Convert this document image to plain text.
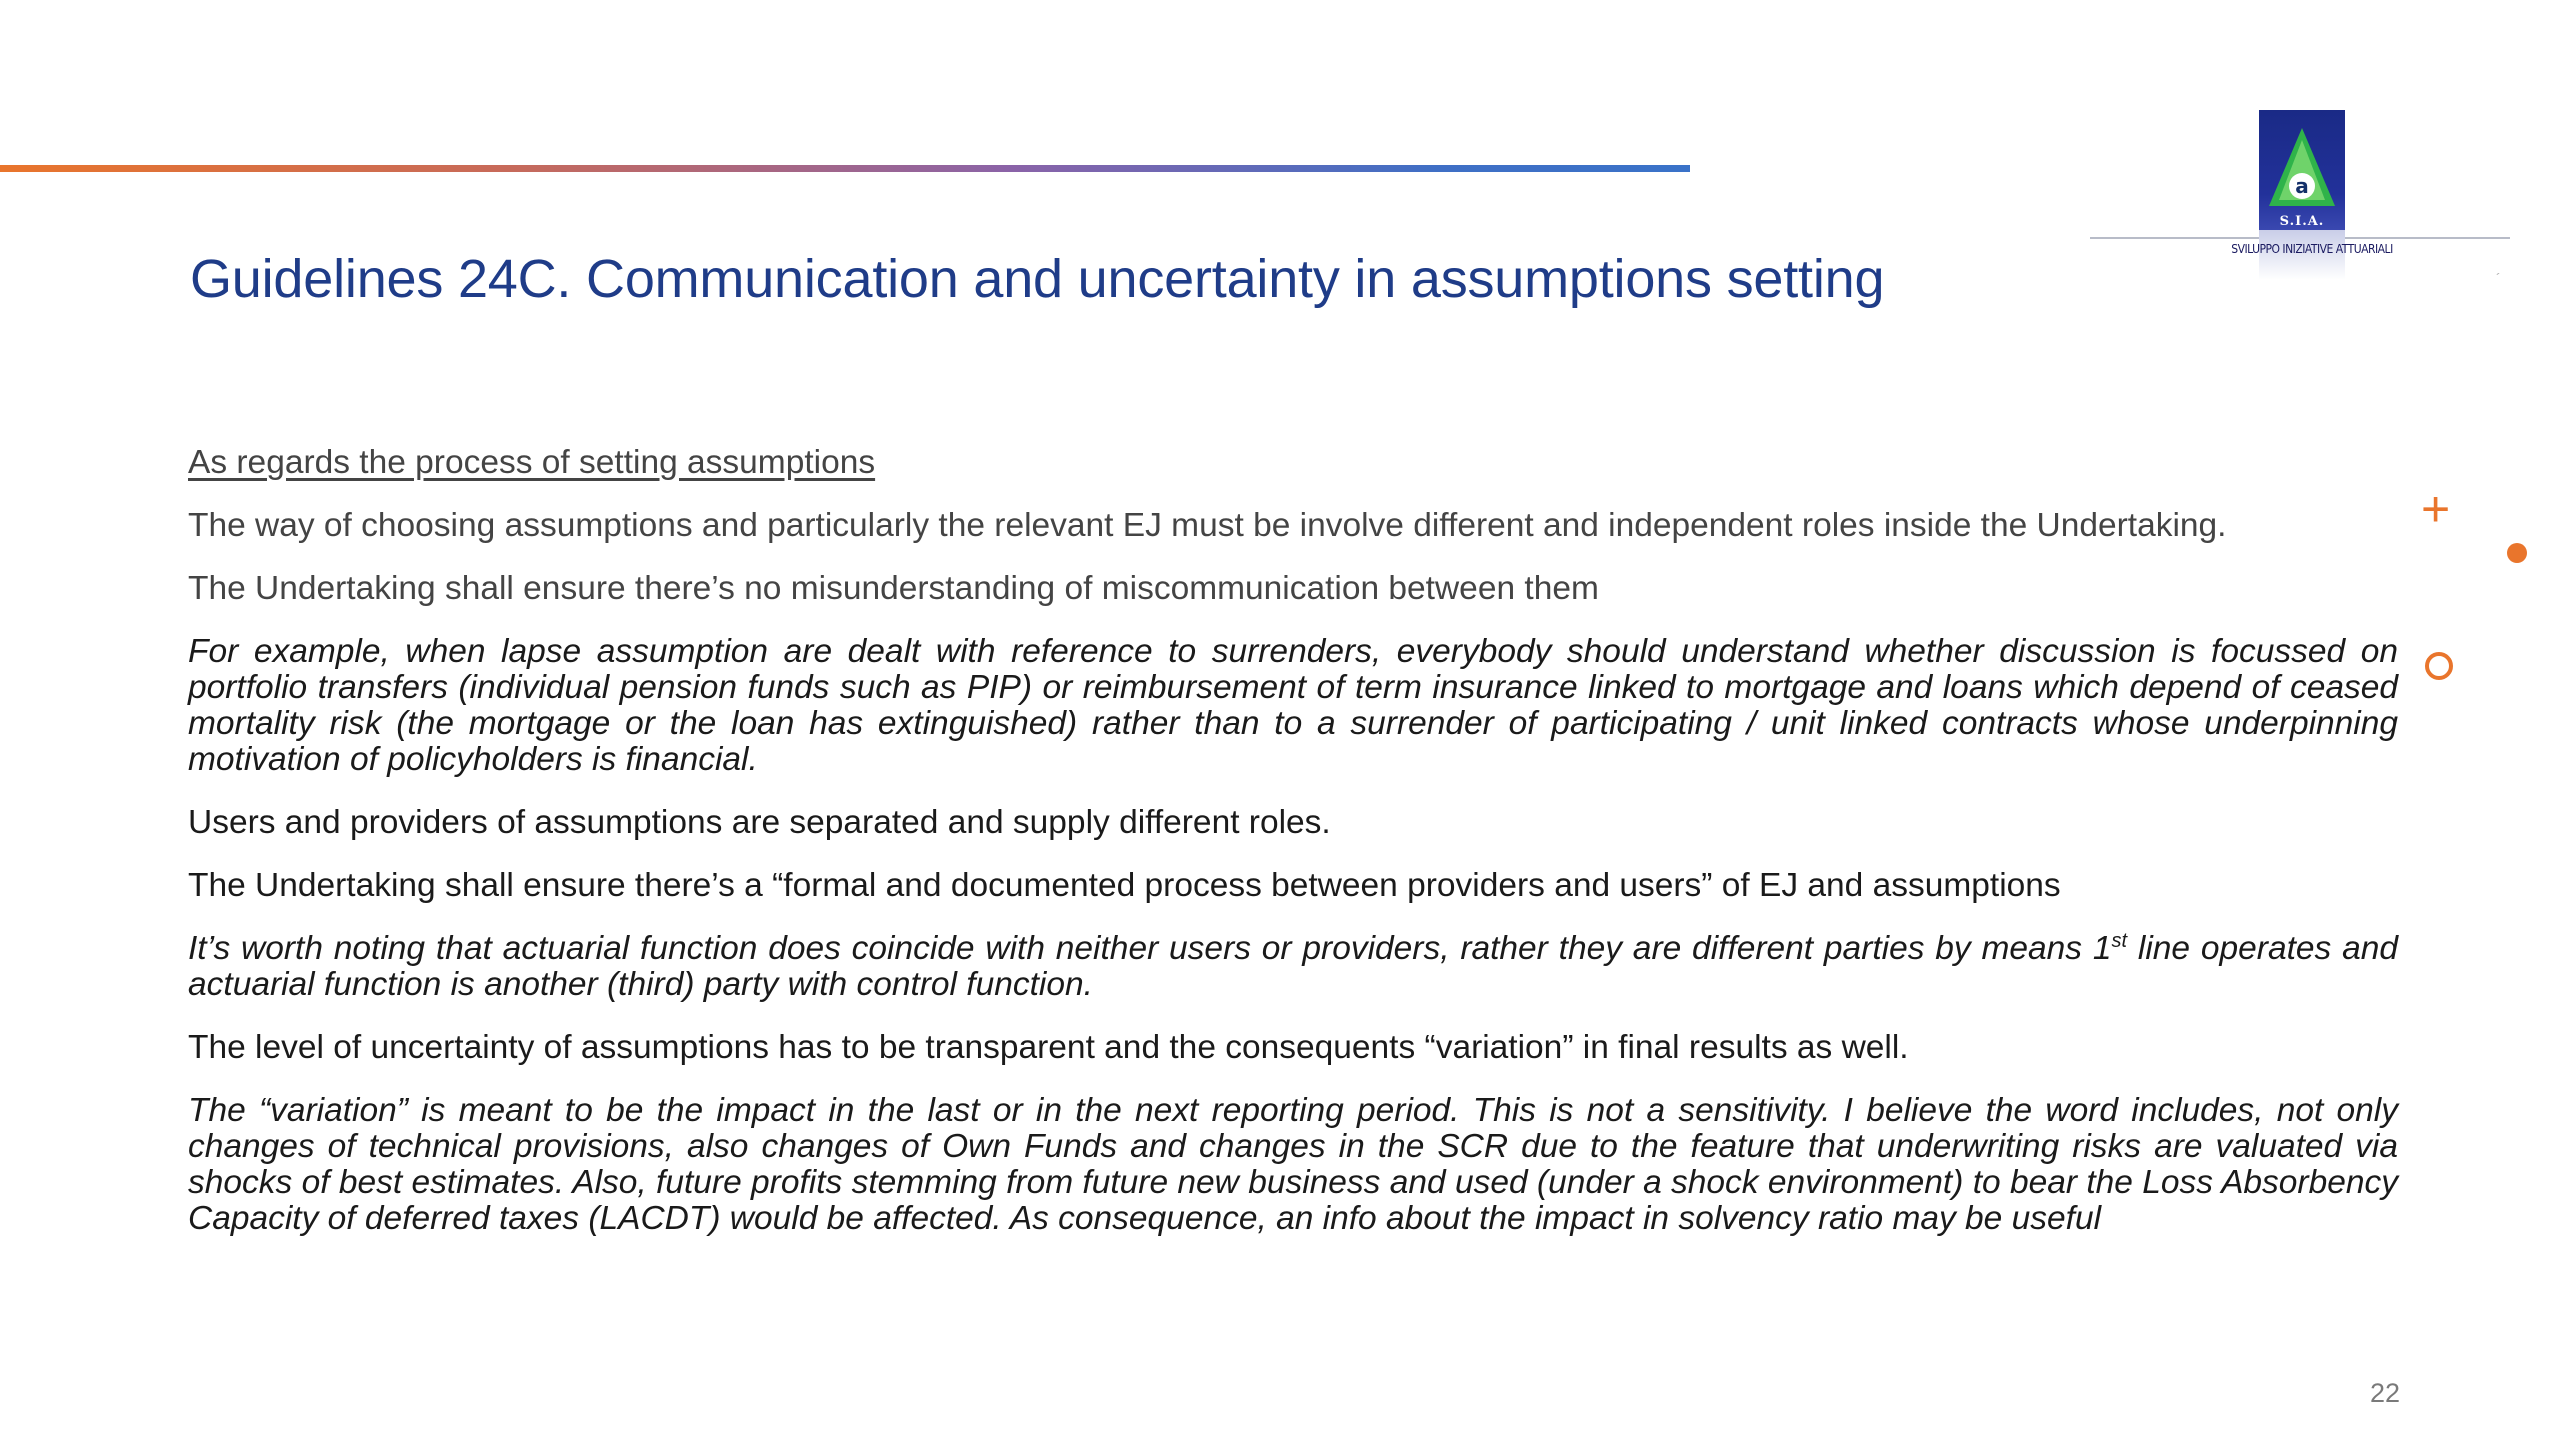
a
S.I.A.
SVILUPPO INIZIATIVE ATTUARIALI
´
Guidelines 24C. Communication and uncertainty in assumptions setting

As regards the process of setting assumptions

The way of choosing assumptions and particularly the relevant EJ must be involve different and independent roles inside the Undertaking.

The Undertaking shall ensure there’s no misunderstanding of miscommunication between them

For example, when lapse assumption are dealt with reference to surrenders, everybody should understand whether discussion is focussed on portfolio transfers (individual pension funds such as PIP) or reimbursement of term insurance linked to mortgage and loans which depend of ceased mortality risk (the mortgage or the loan has extinguished) rather than to a surrender of participating / unit linked contracts whose underpinning motivation of policyholders is financial.

Users and providers of assumptions are separated and supply different roles.

The Undertaking shall ensure there’s a “formal and documented process between providers and users” of EJ and assumptions

It’s worth noting that actuarial function does coincide with neither users or providers, rather they are different parties by means 1st line operates and actuarial function is another (third) party with control function.

The level of uncertainty of assumptions has to be transparent and the consequents “variation” in final results as well.

The “variation” is meant to be the impact in the last or in the next reporting period. This is not a sensitivity. I believe the word includes, not only changes of technical provisions, also changes of Own Funds and changes in the SCR due to the feature that underwriting risks are valuated via shocks of best estimates. Also, future profits stemming from future new business and used (under a shock environment) to bear the Loss Absorbency Capacity of deferred taxes (LACDT) would be affected. As consequence, an info about the impact in solvency ratio may be useful

+
22
